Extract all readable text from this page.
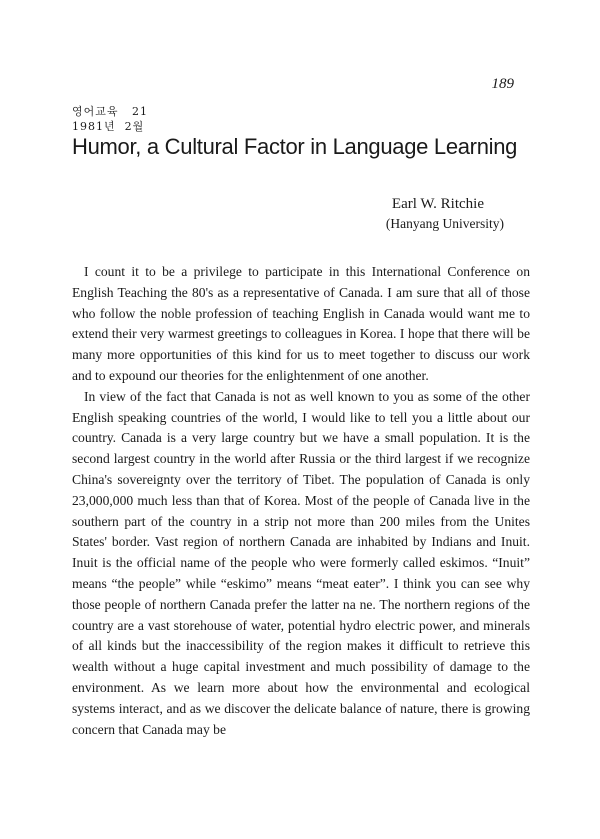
189
영어교육   21
1981년  2월
Humor, a Cultural Factor in Language Learning
Earl W. Ritchie
(Hanyang University)

I count it to be a privilege to participate in this International Conference on English Teaching the 80's as a representative of Canada. I am sure that all of those who follow the noble profession of teaching English in Canada would want me to extend their very warmest greetings to colleagues in Korea. I hope that there will be many more opportunities of this kind for us to meet together to discuss our work and to expound our theories for the enlightenment of one another.

In view of the fact that Canada is not as well known to you as some of the other English speaking countries of the world, I would like to tell you a little about our country. Canada is a very large country but we have a small population. It is the second largest country in the world after Russia or the third largest if we recognize China's sovereignty over the territory of Tibet. The population of Canada is only 23,000,000 much less than that of Korea. Most of the people of Canada live in the southern part of the country in a strip not more than 200 miles from the Unites States' border. Vast region of northern Canada are inhabited by Indians and Inuit. Inuit is the official name of the people who were formerly called eskimos. “Inuit” means “the people” while “eskimo” means “meat eater”. I think you can see why those people of northern Canada prefer the latter na ne. The northern regions of the country are a vast storehouse of water, potential hydro electric power, and minerals of all kinds but the inaccessibility of the region makes it difficult to retrieve this wealth without a huge capital investment and much possibility of damage to the environment. As we learn more about how the environmental and ecological systems interact, and as we discover the delicate balance of nature, there is growing concern that Canada may be
